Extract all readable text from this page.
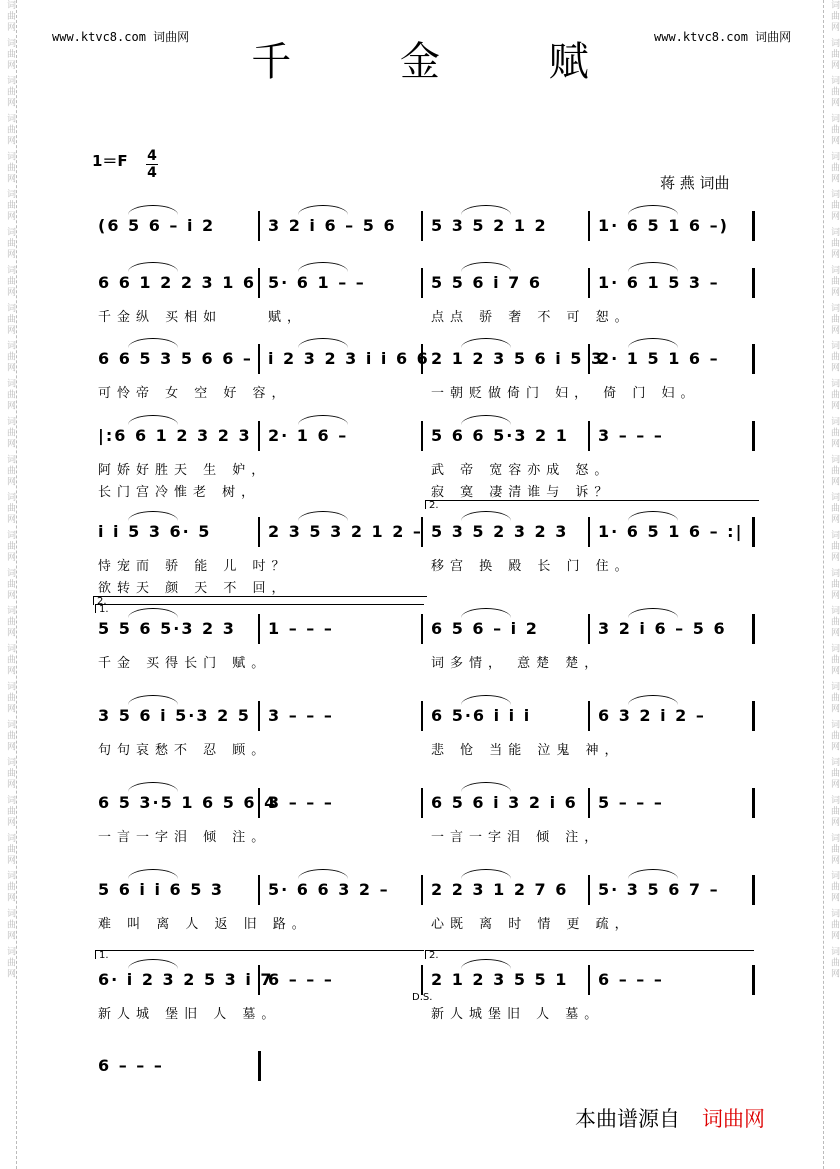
词曲网 词曲网 词曲网 词曲网 词曲网 词曲网 词曲网 词曲网 词曲网 词曲网 词曲网 词曲网 词曲网 词曲网 词曲网 词曲网 词曲网 词曲网 词曲网 词曲网 词曲网 词曲网 词曲网 词曲网 词曲网 词曲网	词曲网 词曲网 词曲网 词曲网 词曲网 词曲网 词曲网 词曲网 词曲网 词曲网 词曲网 词曲网 词曲网 词曲网 词曲网 词曲网 词曲网 词曲网 词曲网 词曲网 词曲网 词曲网 词曲网 词曲网 词曲网 词曲网
www.ktvc8.com 词曲网	www.ktvc8.com 词曲网
千 金 赋
1＝F 4
4
蒋 燕 词曲
(6 5 6 – i 2	3 2 i 6 – 5 6 5 3 5 2 1 2	1· 6 5 1 6 –)
6 6 1 2 2 3 1 6 5· 6 1 – –	5 5 6 i 7 6	1· 6 1 5 3 –
千金纵 买相如	赋，	点点 骄 奢 不 可 恕。
6 6 5 3 5 6 6 – i 2 3 2 3 i i 6 6 2 1 2 3 5 6 i 5 3
2· 1 5 1 6 –
可怜帝 女 空 好 容，	一朝贬做倚门 妇， 倚 门 妇。
|:6 6 1 2 3 2 3 2· 1 6 –	5 6 6 5·3 2 1 3 – – –
阿娇好胜天 生 妒，	武 帝 宽容亦成 怒。
长门宫冷惟老 树，	寂 寞 凄清谁与 诉？
i i 5 3 6· 5	2 3 5 3 2 1 2 – 5 3 5 2 3 2 3 1· 6 5 1 6 – :|
恃宠而 骄 能 儿 吋？	移宫 换 殿 长 门 住。
欲转天 颜 天 不 回，
5 5 6 5·3 2 3 1 – – –	6 5 6 – i 2	3 2 i 6 – 5 6
千金 买得长门 赋。	词多情， 意楚 楚，
3 5 6 i 5·3 2 5 3 – – –	6 5·6 i i i	6 3 2 i 2 –
句句哀愁不 忍 顾。	悲 怆 当能 泣鬼 神，
6 5 3·5 1 6 5 6 4
3 – – –	6 5 6 i 3 2 i 6 5 – – –
一言一字泪 倾 注。	一言一字泪 倾 注，
5 6 i i 6 5 3	5· 6 6 3 2 –	2 2 3 1 2 7 6 5· 3 5 6 7 –
难 叫 离 人 返 旧 路。	心既 离 时 情 更 疏，
6· i 2 3 2 5 3 i 7
6 – – –	2 1 2 3 5 5 1 6 – – –
新人城 堡旧 人 墓。	新人城堡旧 人 墓。
6 – – –
D.S.
本曲谱源自 词曲网
1.
2.
2.
1.	2.
